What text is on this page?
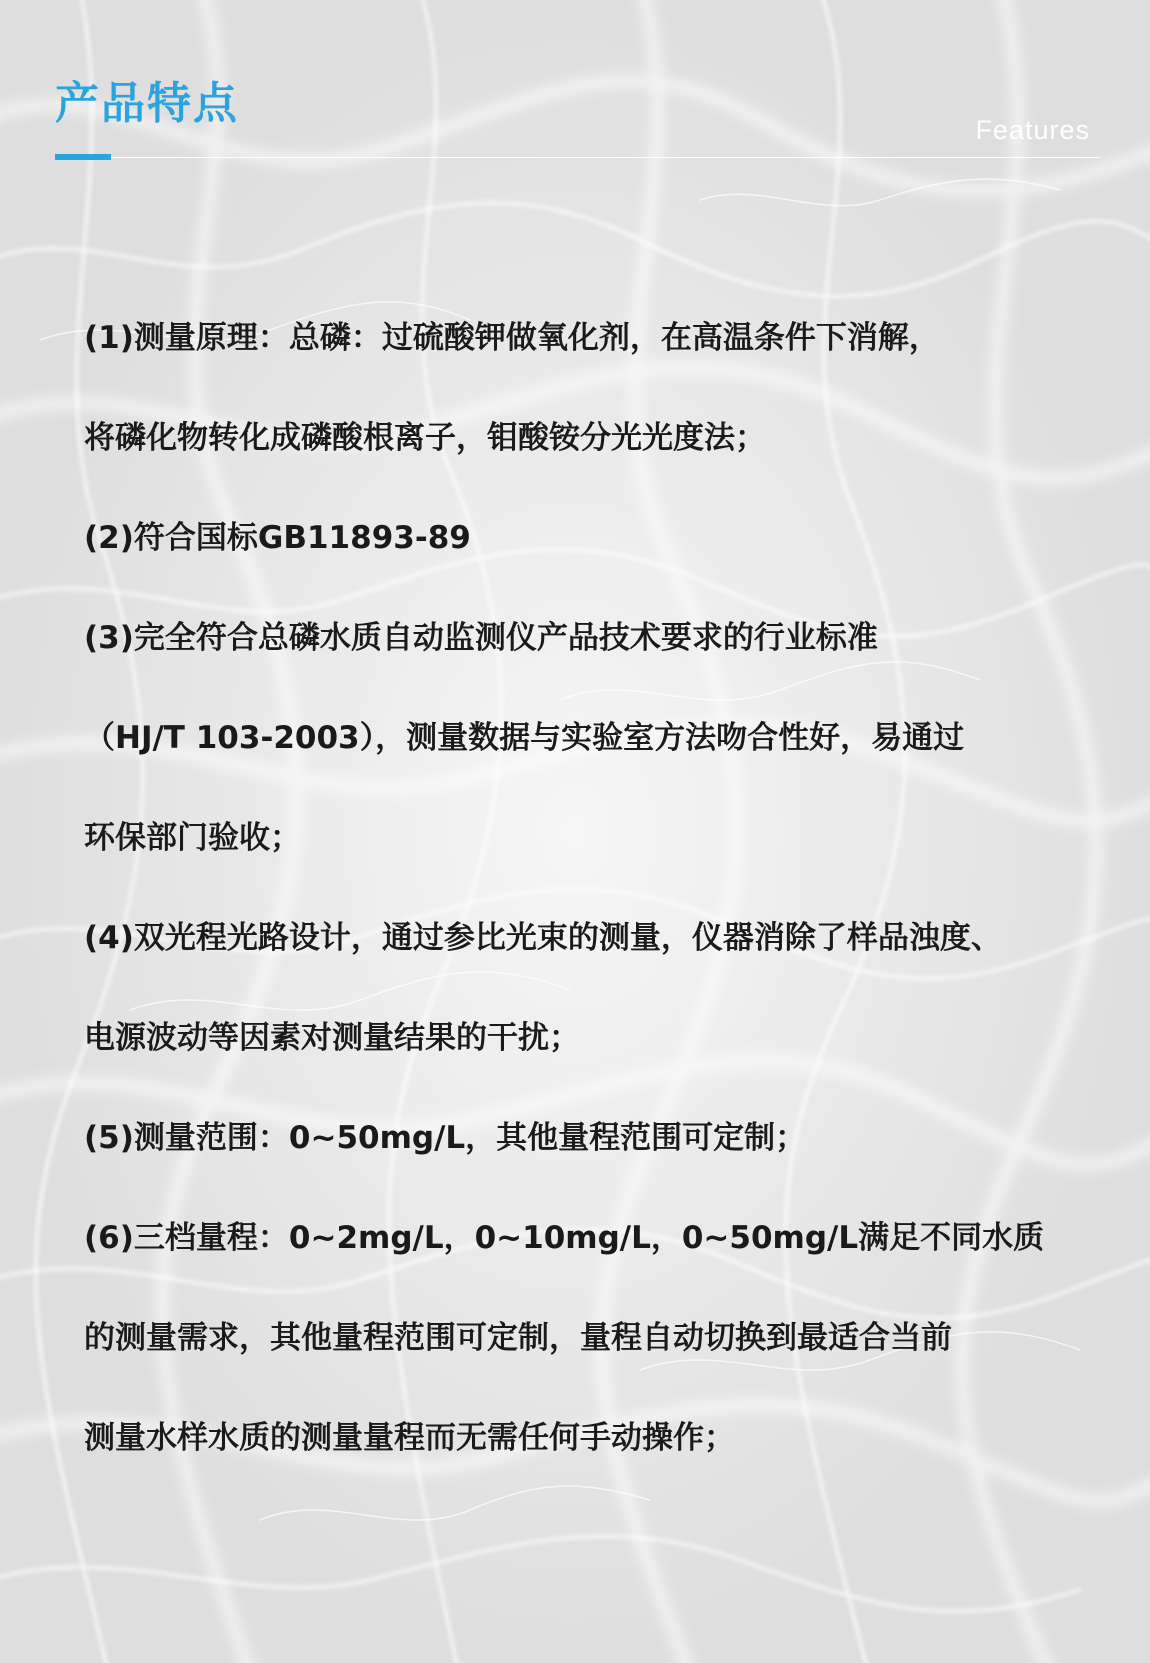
产品特点
Features
(1)测量原理：总磷：过硫酸钾做氧化剂，在高温条件下消解，
将磷化物转化成磷酸根离子，钼酸铵分光光度法；
(2)符合国标GB11893-89
(3)完全符合总磷水质自动监测仪产品技术要求的行业标准
（HJ/T 103-2003），测量数据与实验室方法吻合性好，易通过
环保部门验收；
(4)双光程光路设计，通过参比光束的测量，仪器消除了样品浊度、
电源波动等因素对测量结果的干扰；
(5)测量范围：0~50mg/L，其他量程范围可定制；
(6)三档量程：0~2mg/L，0~10mg/L，0~50mg/L满足不同水质
的测量需求，其他量程范围可定制，量程自动切换到最适合当前
测量水样水质的测量量程而无需任何手动操作；
